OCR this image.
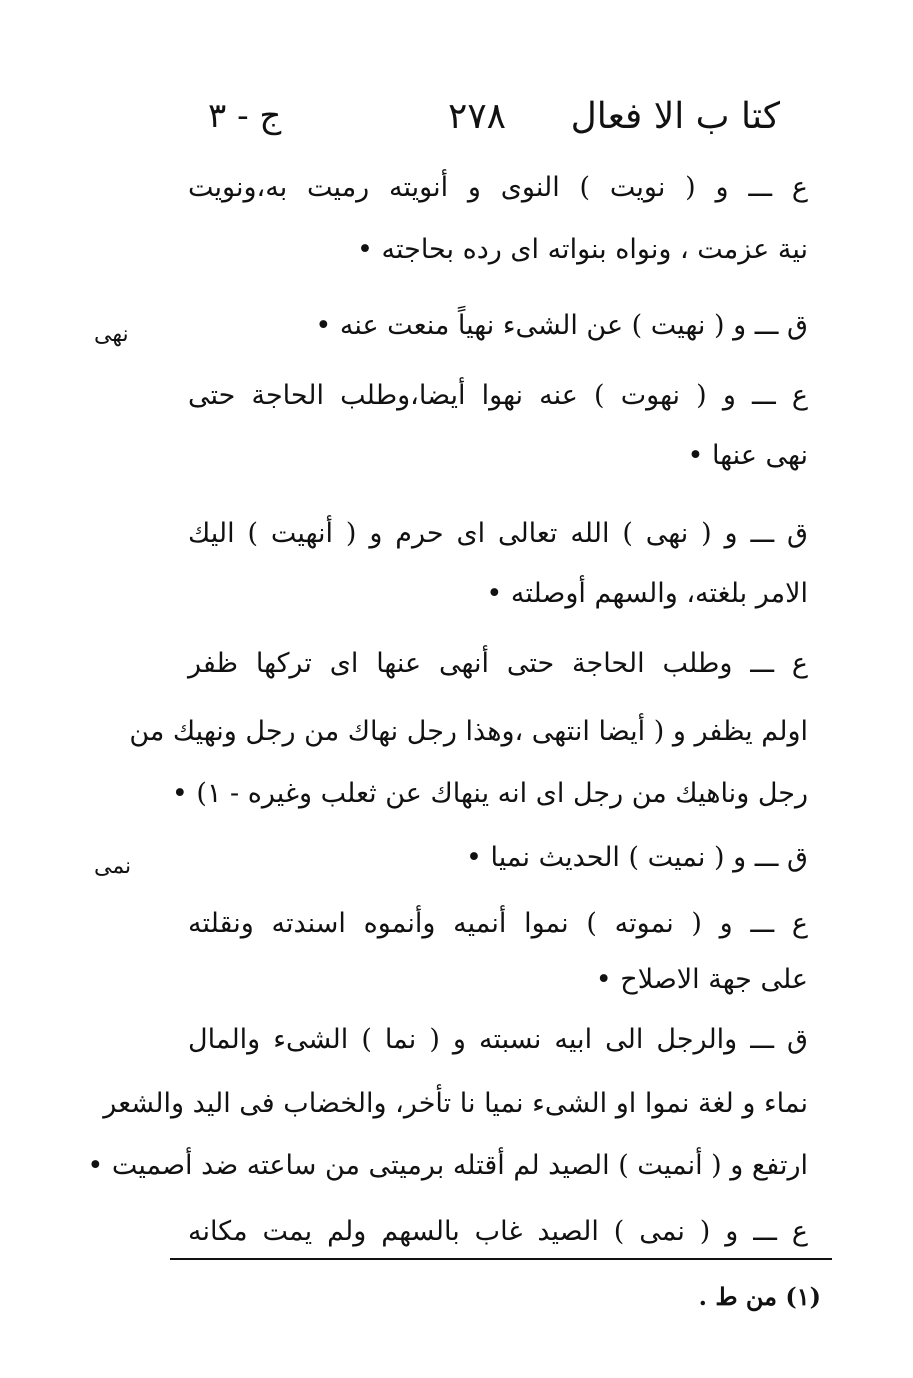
كتا ب الا فعال
٢٧٨
ج - ٣
نهى
نمى
ع ـــ و ( نويت ) النوى و أنويته رميت به،ونويت
نية عزمت ، ونواه بنواته اى رده بحاجته •
ق ـــ و ( نهيت ) عن الشىء نهياً منعت عنه •
ع ـــ و ( نهوت ) عنه نهوا أيضا،وطلب الحاجة حتى
نهى عنها •
ق ـــ و ( نهى ) الله تعالى اى حرم و ( أنهيت ) اليك
الامر بلغته، والسهم أوصلته •
ع ـــ وطلب الحاجة حتى أنهى عنها اى تركها ظفر
اولم يظفر و ( أيضا انتهى ،وهذا رجل نهاك من رجل ونهيك من
رجل وناهيك من رجل اى انه ينهاك عن ثعلب وغيره - ١) •
ق ـــ و ( نميت ) الحديث نميا •
ع ـــ و ( نموته ) نموا أنميه وأنموه اسندته ونقلته
على جهة الاصلاح •
ق ـــ والرجل الى ابيه نسبته و ( نما ) الشىء والمال
نماء و لغة نموا او الشىء نميا نا تأخر، والخضاب فى اليد والشعر
ارتفع و ( أنميت ) الصيد لم أقتله برميتى من ساعته ضد أصميت •
ع ـــ و ( نمى ) الصيد غاب بالسهم ولم يمت مكانه
(١) من ط .
